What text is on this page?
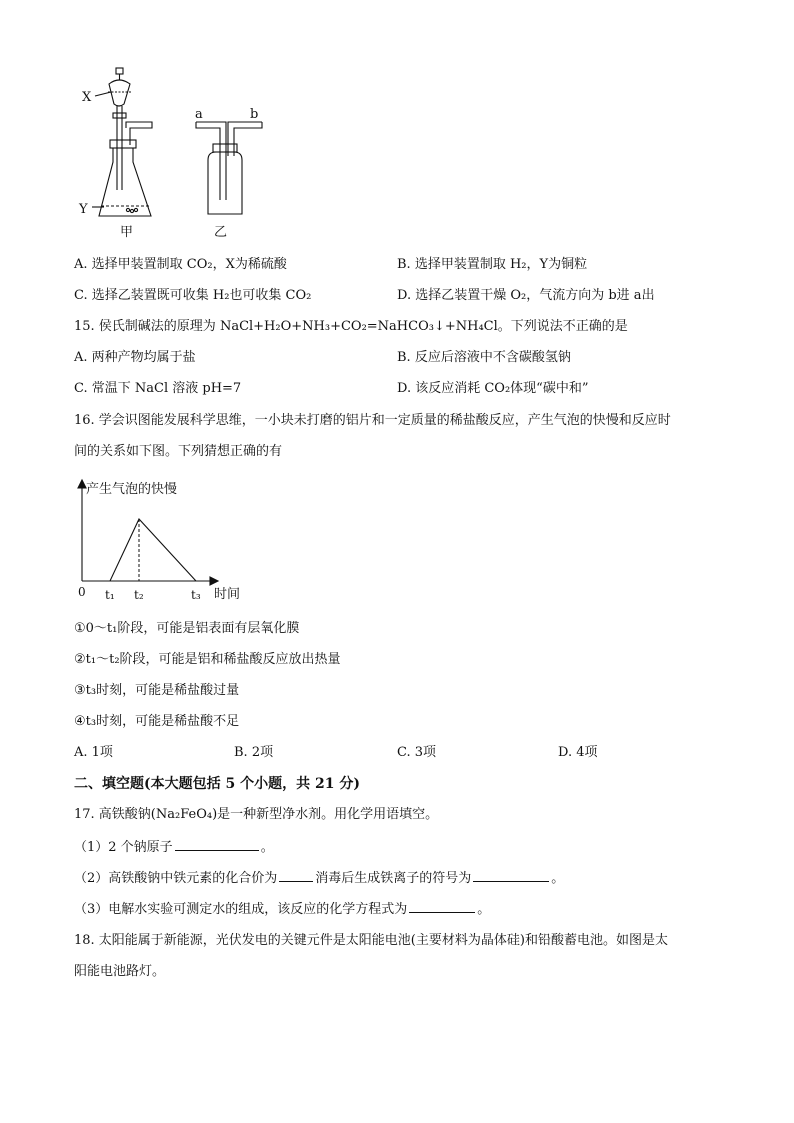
X
Y
a	b
甲	乙
A. 选择甲装置制取 CO₂，X为稀硫酸	B. 选择甲装置制取 H₂，Y为铜粒
C. 选择乙装置既可收集 H₂也可收集 CO₂	D. 选择乙装置干燥 O₂，气流方向为 b进 a出
15. 侯氏制碱法的原理为 NaCl+H₂O+NH₃+CO₂=NaHCO₃↓+NH₄Cl。下列说法不正确的是
A. 两种产物均属于盐	B. 反应后溶液中不含碳酸氢钠
C. 常温下 NaCl 溶液 pH=7	D. 该反应消耗 CO₂体现“碳中和”
16. 学会识图能发展科学思维，一小块未打磨的铝片和一定质量的稀盐酸反应，产生气泡的快慢和反应时
间的关系如下图。下列猜想正确的有
t₁ t₂	t₃
产生气泡的快慢
时间
0
①0～t₁阶段，可能是铝表面有层氧化膜
②t₁～t₂阶段，可能是铝和稀盐酸反应放出热量
③t₃时刻，可能是稀盐酸过量
④t₃时刻，可能是稀盐酸不足
A. 1项	B. 2项	C. 3项	D. 4项
二、填空题(本大题包括 5 个小题，共 21 分)
17. 高铁酸钠(Na₂FeO₄)是一种新型净水剂。用化学用语填空。
（1）2 个钠原子	。
（2）高铁酸钠中铁元素的化合价为	消毒后生成铁离子的符号为	。
（3）电解水实验可测定水的组成，该反应的化学方程式为	。
18. 太阳能属于新能源，光伏发电的关键元件是太阳能电池(主要材料为晶体硅)和铅酸蓄电池。如图是太
阳能电池路灯。
